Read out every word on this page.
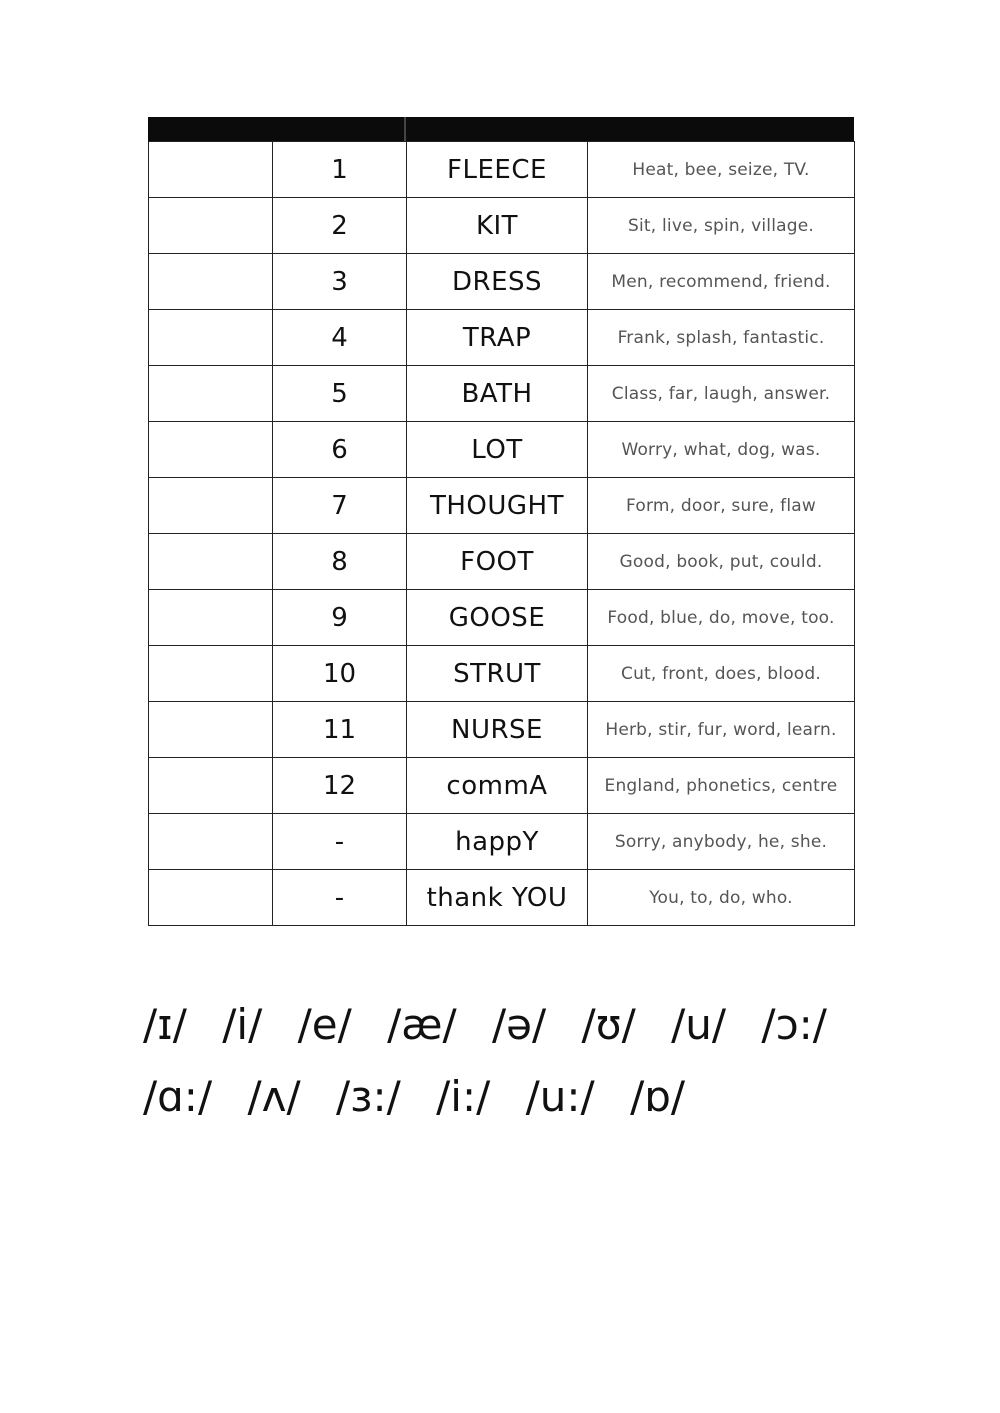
	1	FLEECE	Heat, bee, seize, TV.
	2	KIT	Sit, live, spin, village.
	3	DRESS	Men, recommend, friend.
	4	TRAP	Frank, splash, fantastic.
	5	BATH	Class, far, laugh, answer.
	6	LOT	Worry, what, dog, was.
	7	THOUGHT	Form, door, sure, flaw
	8	FOOT	Good, book, put, could.
	9	GOOSE	Food, blue, do, move, too.
	10	STRUT	Cut, front, does, blood.
	11	NURSE	Herb, stir, fur, word, learn.
	12	commA	England, phonetics, centre
	-	happY	Sorry, anybody, he, she.
	-	thank YOU	You, to, do, who.
/ɪ/ /i/ /e/ /æ/ /ə/ /ʊ/ /u/ /ɔ:/
/ɑ:/ /ʌ/ /ɜ:/ /i:/ /u:/ /ɒ/
